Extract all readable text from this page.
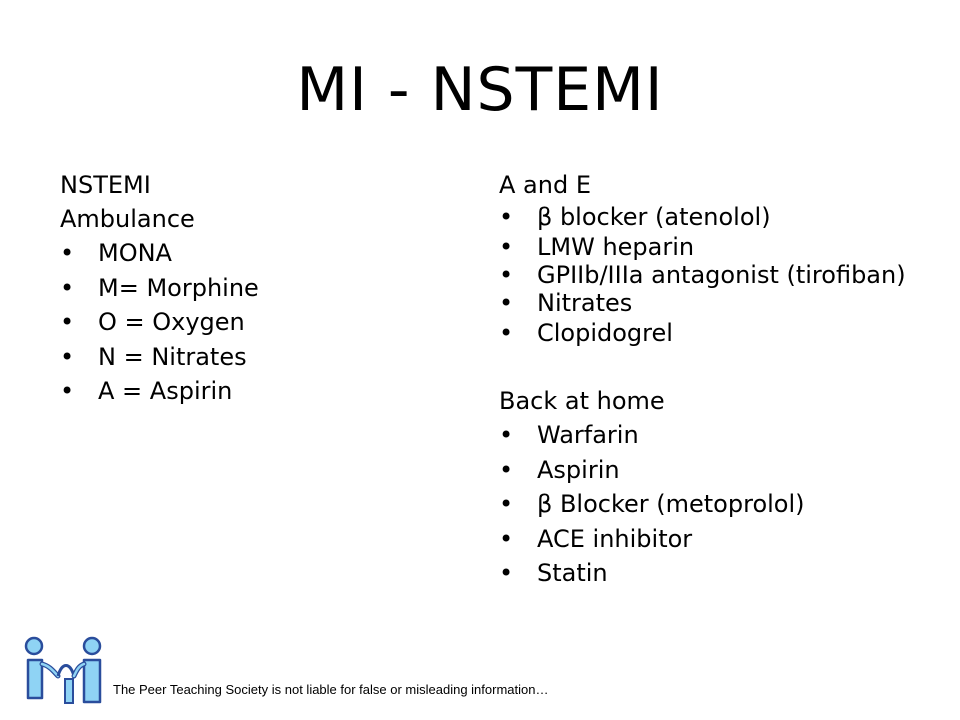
MI - NSTEMI

NSTEMI

Ambulance

• MONA
• M= Morphine
• O = Oxygen
• N = Nitrates
• A = Aspirin

A and E

• β blocker (atenolol)
• LMW heparin
• GPIIb/IIIa antagonist (tirofiban)
• Nitrates
• Clopidogrel

Back at home

• Warfarin
• Aspirin
• β Blocker (metoprolol)
• ACE inhibitor
• Statin
The Peer Teaching Society is not liable for false or misleading information…
